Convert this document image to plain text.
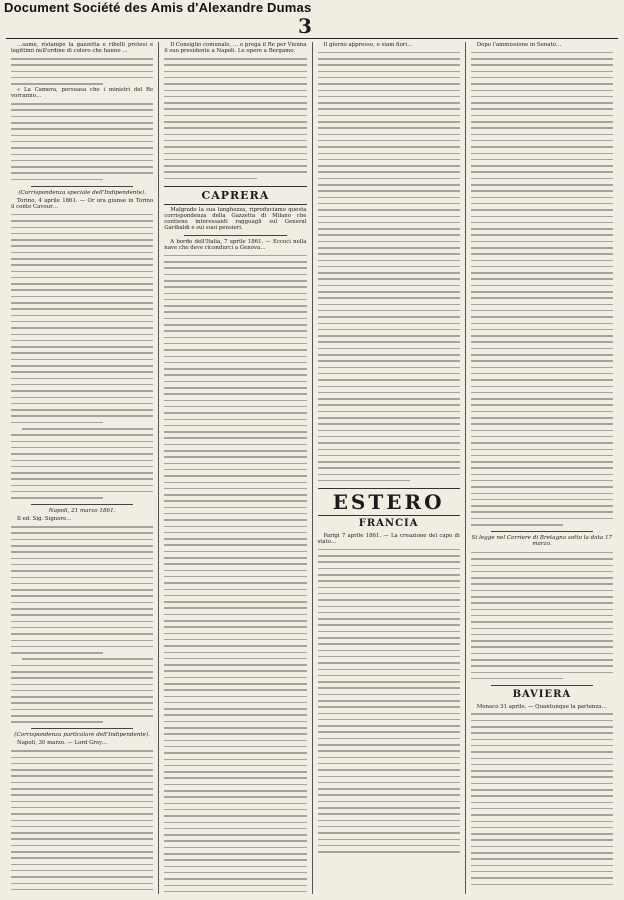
Document Société des Amis d'Alexandre Dumas
3

…same, ristampò la gazzetta e ribelli pretesi e legittimi nell'ordine di coloro che hanno …

« La Camera, persuasa che i ministri del Re vorranno…

(Corrispondenza speciale dell'Indipendente).

Torino, 4 aprile 1861. — Or ora giunse in Torino il conte Cavour…

Napoli, 21 marzo 1861.

Il ed. Sig. Signore…

(Corrispondenza particolare dell'Indipendente).

Napoli, 30 marzo. — Lord Grey…

Il Consiglio comunale, … e prega il Re per Vienna il suo presidente a Napoli. Le opere a Bergamo.

CAPRERA

Malgrado la sua lunghezza, riproduciamo questa corrispondenza della Gazzetta di Milano che contiene interessanti ragguagli sul General Garibaldi e sui suoi pensieri.

A bordo dell'Italia, 7 aprile 1861. — Eccoci nella nave che deve ricondurci a Genova…

Il giorno appresso, e siam fiori…

ESTERO
FRANCIA

Parigi 7 aprile 1861. — La creazione del capo di stato…

Dopo l'ammissione in Senato…

Si legge nel Corriere di Bretagna sotto la data 17 marzo.
BAVIERA

Monaco 31 aprile. — Quantunque la partenza…
